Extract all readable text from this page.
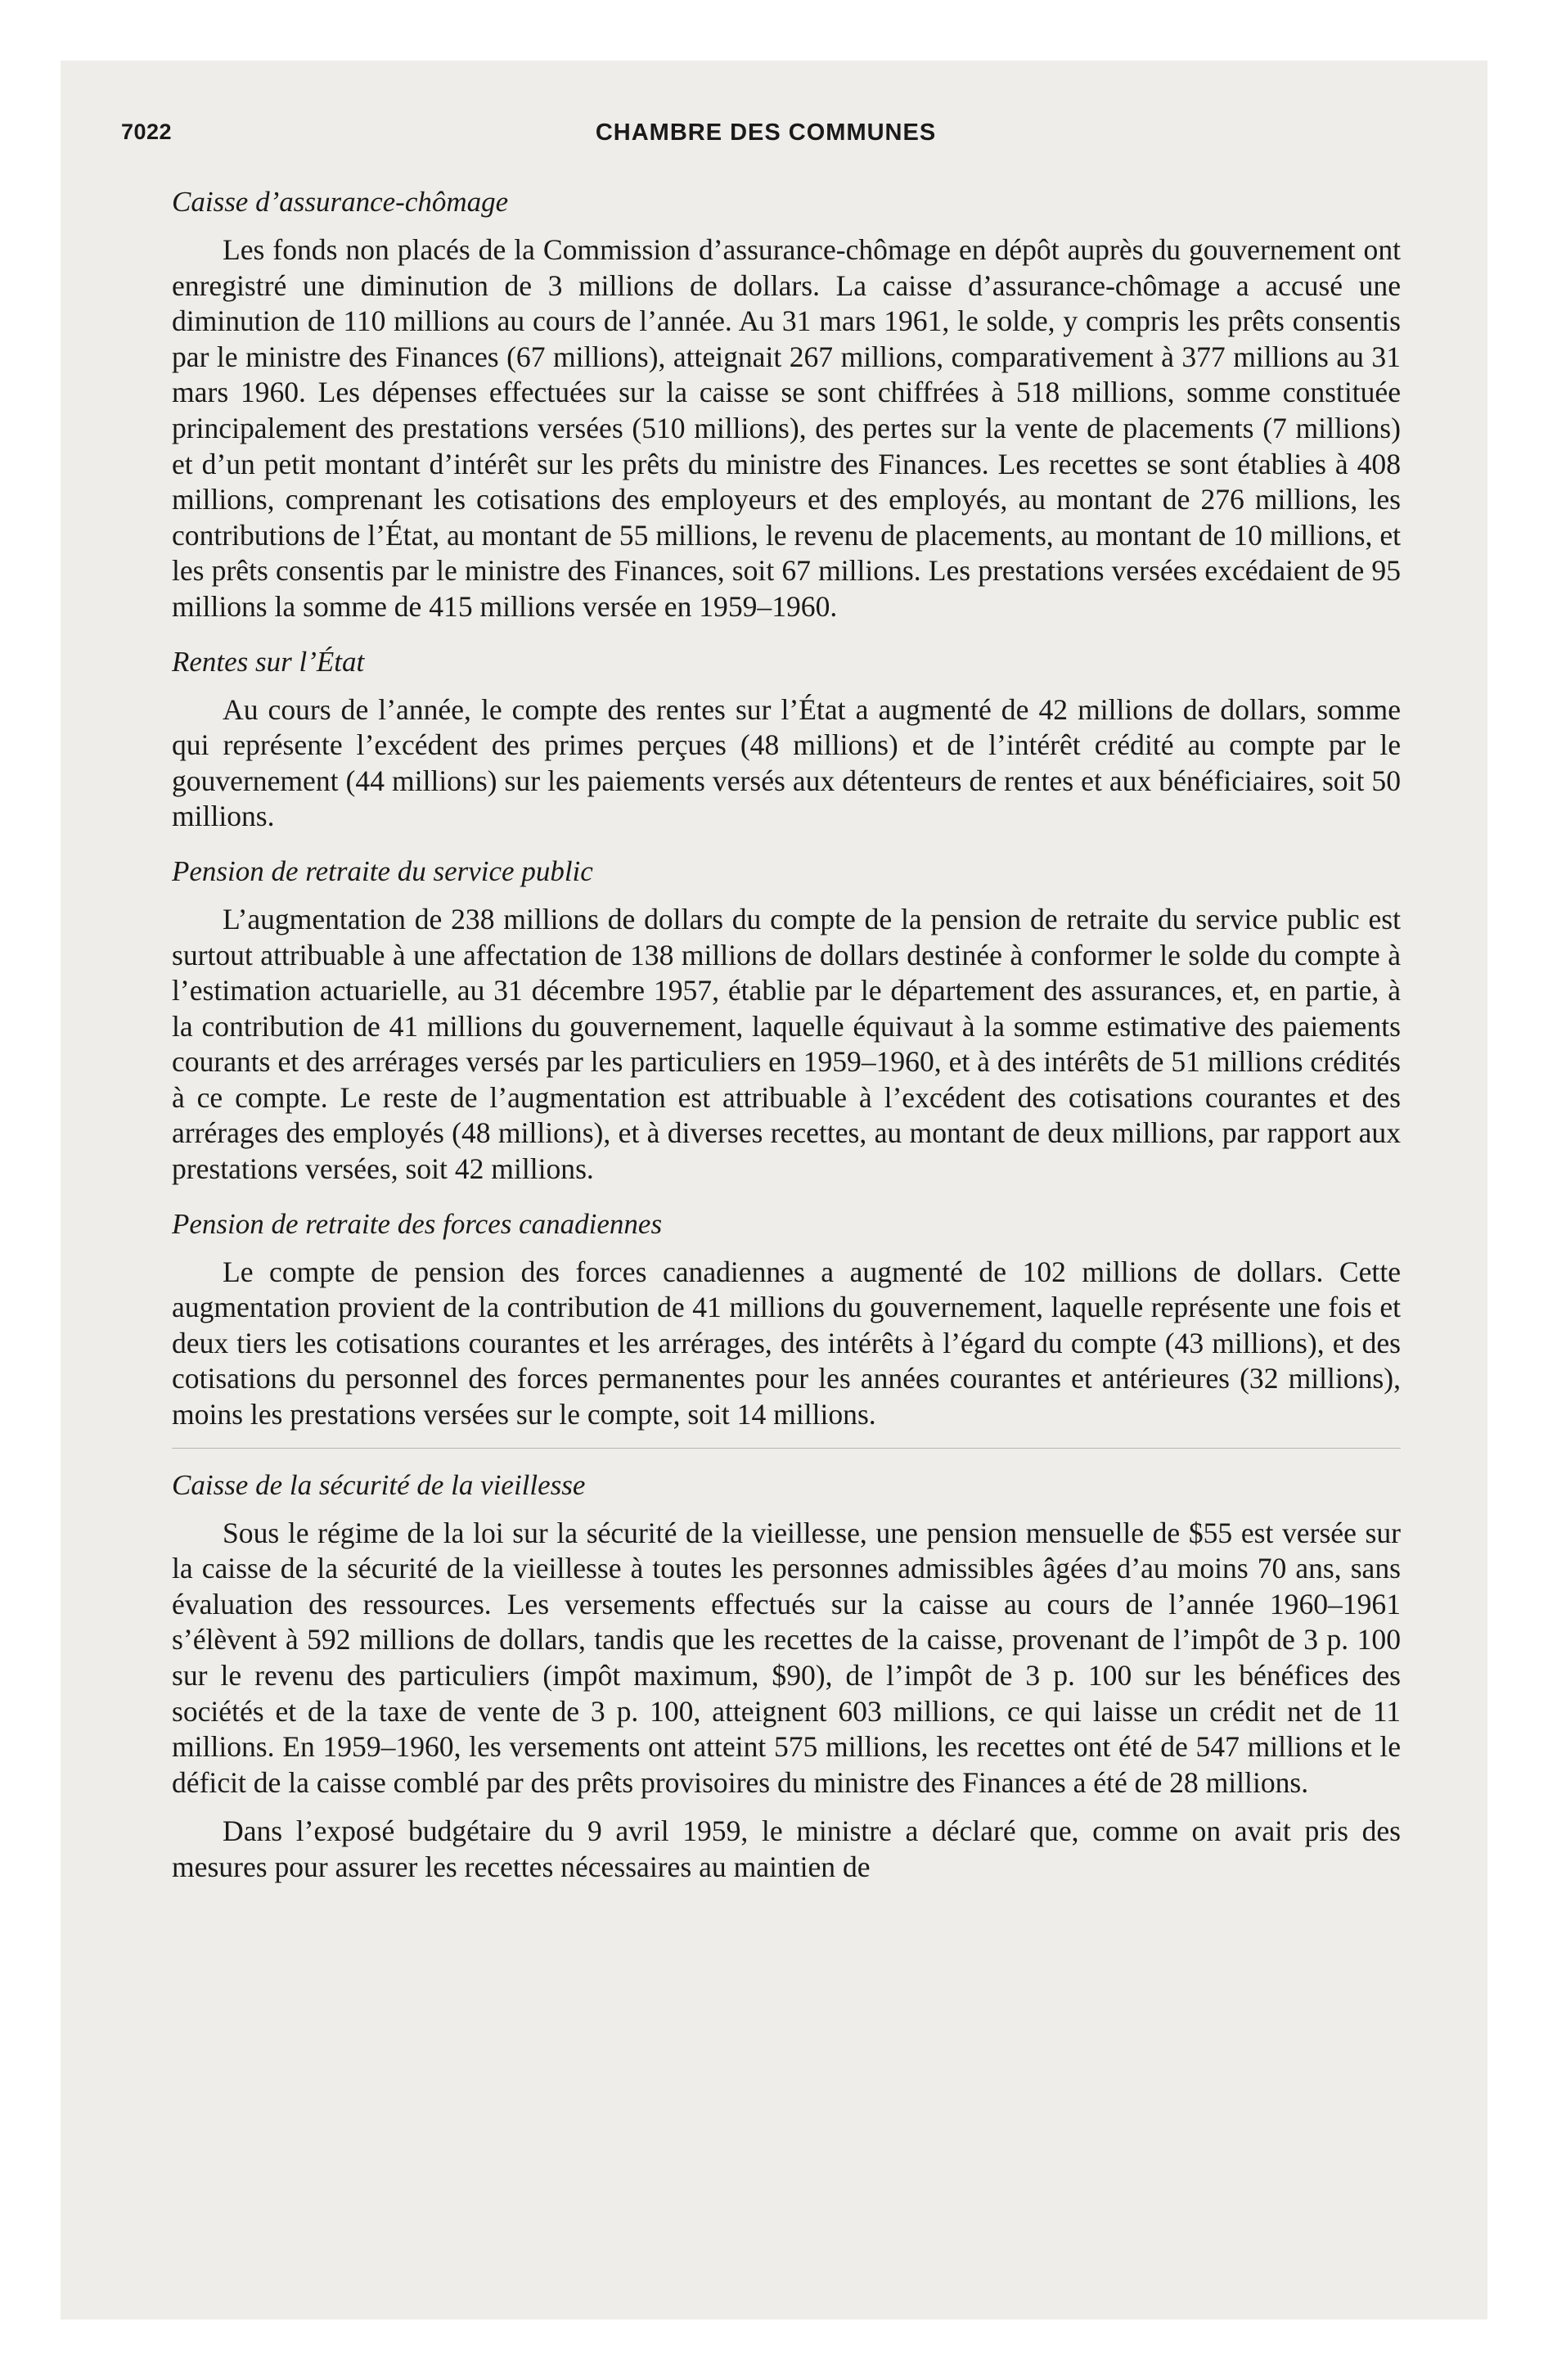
7022	CHAMBRE DES COMMUNES
Caisse d’assurance-chômage

Les fonds non placés de la Commission d’assurance-chômage en dépôt auprès du gouvernement ont enregistré une diminution de 3 millions de dollars. La caisse d’assurance-chômage a accusé une diminution de 110 millions au cours de l’année. Au 31 mars 1961, le solde, y compris les prêts consentis par le ministre des Finances (67 millions), atteignait 267 millions, comparativement à 377 millions au 31 mars 1960. Les dépenses effectuées sur la caisse se sont chiffrées à 518 millions, somme constituée principalement des prestations versées (510 millions), des pertes sur la vente de placements (7 millions) et d’un petit montant d’intérêt sur les prêts du ministre des Finances. Les recettes se sont établies à 408 millions, comprenant les cotisations des employeurs et des employés, au montant de 276 millions, les contributions de l’État, au montant de 55 millions, le revenu de placements, au montant de 10 millions, et les prêts consentis par le ministre des Finances, soit 67 millions. Les prestations versées excédaient de 95 millions la somme de 415 millions versée en 1959–1960.

Rentes sur l’État

Au cours de l’année, le compte des rentes sur l’État a augmenté de 42 millions de dollars, somme qui représente l’excédent des primes perçues (48 millions) et de l’intérêt crédité au compte par le gouvernement (44 millions) sur les paiements versés aux détenteurs de rentes et aux bénéficiaires, soit 50 millions.

Pension de retraite du service public

L’augmentation de 238 millions de dollars du compte de la pension de retraite du service public est surtout attribuable à une affectation de 138 millions de dollars destinée à conformer le solde du compte à l’estimation actuarielle, au 31 décembre 1957, établie par le département des assurances, et, en partie, à la contribution de 41 millions du gouvernement, laquelle équivaut à la somme estimative des paiements courants et des arrérages versés par les particuliers en 1959–1960, et à des intérêts de 51 millions crédités à ce compte. Le reste de l’augmentation est attribuable à l’excédent des cotisations courantes et des arrérages des employés (48 millions), et à diverses recettes, au montant de deux millions, par rapport aux prestations versées, soit 42 millions.

Pension de retraite des forces canadiennes

Le compte de pension des forces canadiennes a augmenté de 102 millions de dollars. Cette augmentation provient de la contribution de 41 millions du gouvernement, laquelle représente une fois et deux tiers les cotisations courantes et les arrérages, des intérêts à l’égard du compte (43 millions), et des cotisations du personnel des forces permanentes pour les années courantes et antérieures (32 millions), moins les prestations versées sur le compte, soit 14 millions.

Caisse de la sécurité de la vieillesse

Sous le régime de la loi sur la sécurité de la vieillesse, une pension mensuelle de $55 est versée sur la caisse de la sécurité de la vieillesse à toutes les personnes admissibles âgées d’au moins 70 ans, sans évaluation des ressources. Les versements effectués sur la caisse au cours de l’année 1960–1961 s’élèvent à 592 millions de dollars, tandis que les recettes de la caisse, provenant de l’impôt de 3 p. 100 sur le revenu des particuliers (impôt maximum, $90), de l’impôt de 3 p. 100 sur les bénéfices des sociétés et de la taxe de vente de 3 p. 100, atteignent 603 millions, ce qui laisse un crédit net de 11 millions. En 1959–1960, les versements ont atteint 575 millions, les recettes ont été de 547 millions et le déficit de la caisse comblé par des prêts provisoires du ministre des Finances a été de 28 millions.

Dans l’exposé budgétaire du 9 avril 1959, le ministre a déclaré que, comme on avait pris des mesures pour assurer les recettes nécessaires au maintien de
